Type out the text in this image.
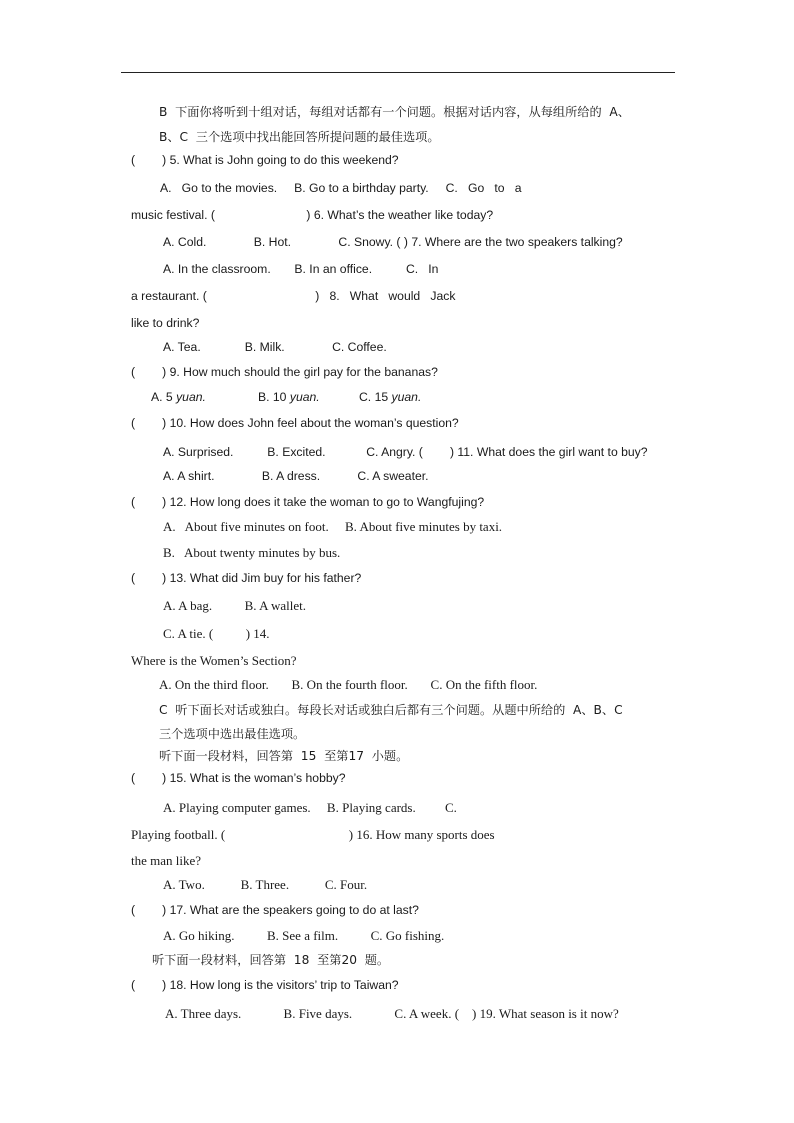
B  下面你将听到十组对话，每组对话都有一个问题。根据对话内容，从每组所给的  A、
B、C  三个选项中找出能回答所提问题的最佳选项。
(        ) 5. What is John going to do this weekend?
A.   Go to the movies.     B. Go to a birthday party.     C.   Go   to   a
music festival. (                           ) 6. What’s the weather like today?
A. Cold.              B. Hot.              C. Snowy. ( ) 7. Where are the two speakers talking?
A. In the classroom.       B. In an office.          C.   In
a restaurant. (                                )   8.   What   would   Jack
like to drink?
A. Tea.             B. Milk.              C. Coffee.
(        ) 9. How much should the girl pay for the bananas?
A. 5 yuan.	B. 10 yuan.	C. 15 yuan.
(        ) 10. How does John feel about the woman’s question?
A. Surprised.          B. Excited.            C. Angry. (        ) 11. What does the girl want to buy?
A. A shirt.              B. A dress.           C. A sweater.
(        ) 12. How long does it take the woman to go to Wangfujing?
A.   About five minutes on foot.     B. About five minutes by taxi.
B.   About twenty minutes by bus.
(        ) 13. What did Jim buy for his father?
A. A bag.          B. A wallet.
C. A tie. (          ) 14.
Where is the Women’s Section?
A. On the third floor.       B. On the fourth floor.       C. On the fifth floor.
C  听下面长对话或独白。每段长对话或独白后都有三个问题。从题中所给的  A、B、C
三个选项中选出最佳选项。
听下面一段材料，回答第  15  至第17  小题。
(        ) 15. What is the woman’s hobby?
A. Playing computer games.     B. Playing cards.         C.
Playing football. (                                      ) 16. How many sports does
the man like?
A. Two.           B. Three.           C. Four.
(        ) 17. What are the speakers going to do at last?
A. Go hiking.          B. See a film.          C. Go fishing.
听下面一段材料，回答第  18  至第20  题。
(        ) 18. How long is the visitors’ trip to Taiwan?
A. Three days.             B. Five days.             C. A week. (    ) 19. What season is it now?
